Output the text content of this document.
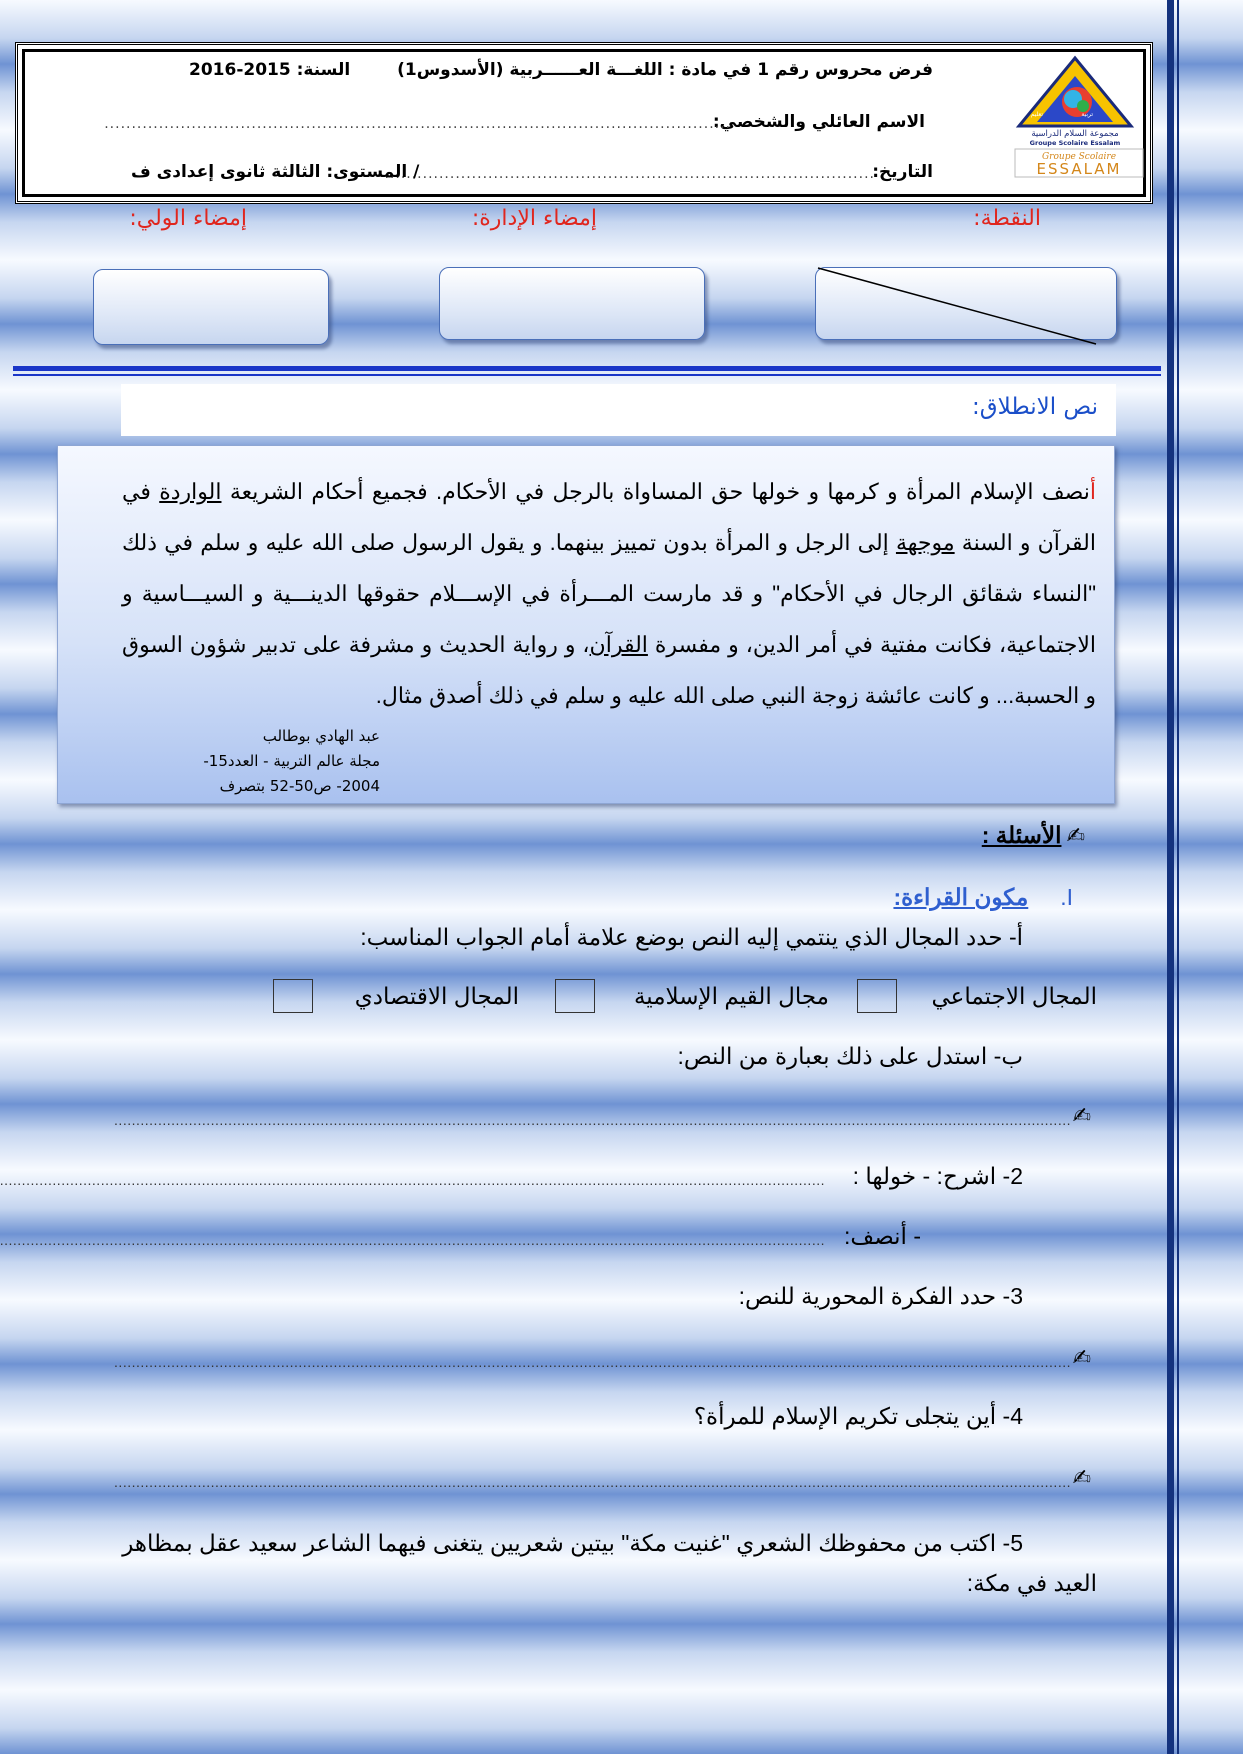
تعليم	تربية
مجموعة السلام الدراسية
Groupe Scolaire Essalam
Groupe Scolaire
ESSALAM
فرض محروس رقم 1 في مادة : اللغـــة العــــــربية (الأسدوس1)
السنة: 2015-2016
الاسم العائلي والشخصي:
...................................................................................................................
التاريخ:
..........................................................................................
/ المستوى: الثالثة ثانوى إعدادى ف
النقطة:
إمضاء الإدارة:
إمضاء الولي:
نص الانطلاق:
أنصف الإسلام المرأة و كرمها و خولها حق المساواة بالرجل في الأحكام. فجميع أحكام الشريعة الواردة في القرآن و السنة موجهة إلى الرجل و المرأة بدون تمييز بينهما. و يقول الرسول صلى الله عليه و سلم في ذلك "النساء شقائق الرجال في الأحكام" و قد مارست المـــرأة في الإســـلام حقوقها الدينـــية و السيـــاسية و الاجتماعية، فكانت مفتية في أمر الدين، و مفسرة القرآن، و رواية الحديث و مشرفة على تدبير شؤون السوق و الحسبة... و كانت عائشة زوجة النبي صلى الله عليه و سلم في ذلك أصدق مثال.
عبد الهادي بوطالب
مجلة عالم التربية - العدد15-
2004- ص50-52 بتصرف
✍ الأسئلة :
I.     مكون القراءة:
أ- حدد المجال الذي ينتمي إليه النص بوضع علامة أمام الجواب المناسب:
المجال الاجتماعي
مجال القيم الإسلامية
المجال الاقتصادي
ب- استدل على ذلك بعبارة من النص:
✍
..........................................................................................................................................................................................................................
2- اشرح: - خولها :
............................................................................................................................................................................................
- أنصف:
............................................................................................................................................................................................
3- حدد الفكرة المحورية للنص:
✍
..........................................................................................................................................................................................................................
4- أين يتجلى تكريم الإسلام للمرأة؟
✍
..........................................................................................................................................................................................................................
5- اكتب من محفوظك الشعري "غنيت مكة" بيتين شعريين يتغنى فيهما الشاعر سعيد عقل بمظاهر
العيد في مكة:
